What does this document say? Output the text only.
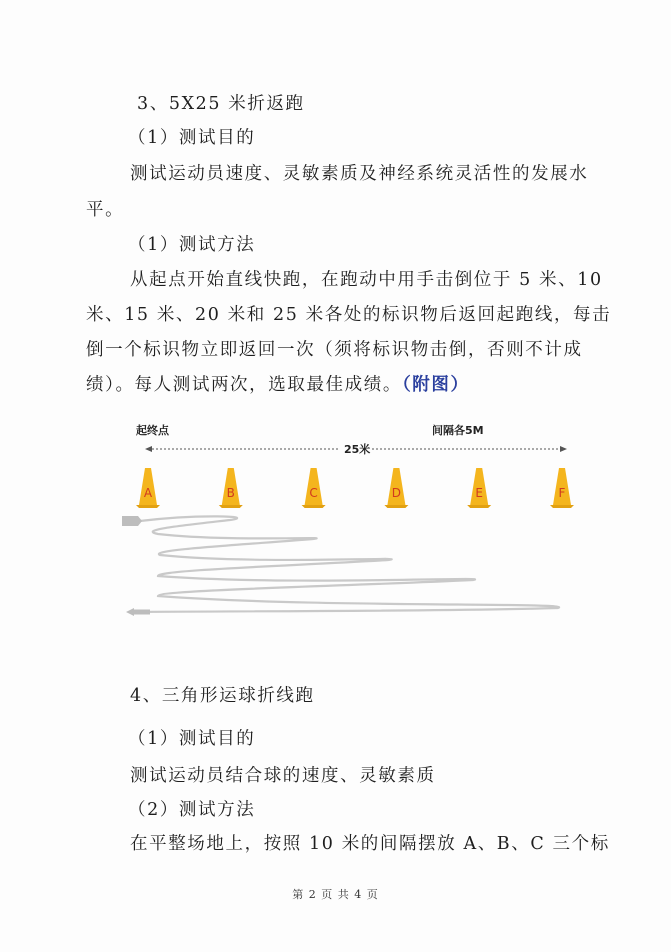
3、5X25 米折返跑
（1）测试目的
测试运动员速度、灵敏素质及神经系统灵活性的发展水
平。
（1）测试方法
从起点开始直线快跑，在跑动中用手击倒位于 5 米、10
米、15 米、20 米和 25 米各处的标识物后返回起跑线，每击
倒一个标识物立即返回一次（须将标识物击倒，否则不计成
绩）。每人测试两次，选取最佳成绩。（附图）
起终点	间隔各5M
25米
A	B	C	D	E	F
4、三角形运球折线跑
（1）测试目的
测试运动员结合球的速度、灵敏素质
（2）测试方法
在平整场地上，按照 10 米的间隔摆放 A、B、C 三个标
第 2 页 共 4 页
